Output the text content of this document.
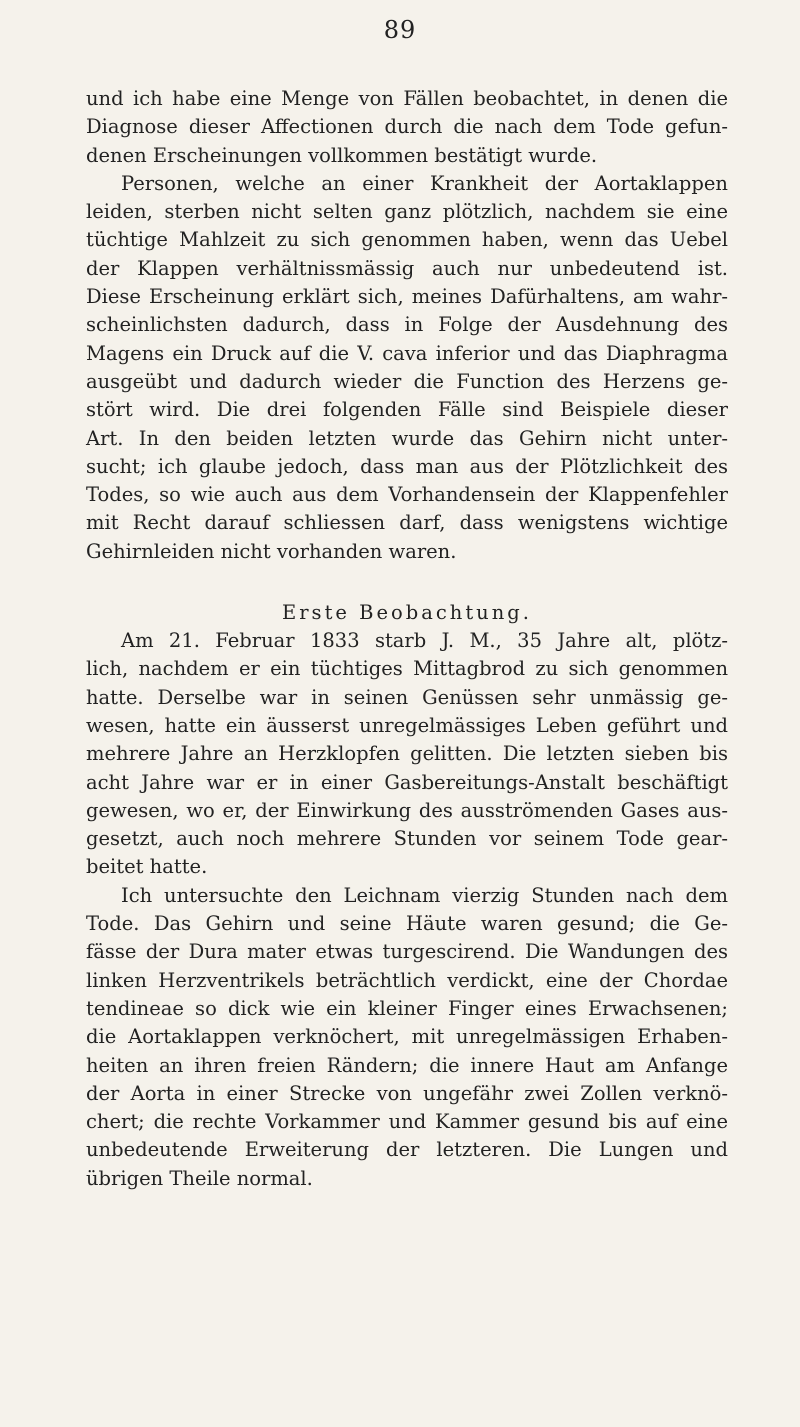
89
und ich habe eine Menge von Fällen beobachtet, in denen die
Diagnose dieser Affectionen durch die nach dem Tode gefun-
denen Erscheinungen vollkommen bestätigt wurde.
Personen, welche an einer Krankheit der Aortaklappen
leiden, sterben nicht selten ganz plötzlich, nachdem sie eine
tüchtige Mahlzeit zu sich genommen haben, wenn das Uebel
der Klappen verhältnissmässig auch nur unbedeutend ist.
Diese Erscheinung erklärt sich, meines Dafürhaltens, am wahr-
scheinlichsten dadurch, dass in Folge der Ausdehnung des
Magens ein Druck auf die V. cava inferior und das Diaphragma
ausgeübt und dadurch wieder die Function des Herzens ge-
stört wird. Die drei folgenden Fälle sind Beispiele dieser
Art. In den beiden letzten wurde das Gehirn nicht unter-
sucht; ich glaube jedoch, dass man aus der Plötzlichkeit des
Todes, so wie auch aus dem Vorhandensein der Klappenfehler
mit Recht darauf schliessen darf, dass wenigstens wichtige
Gehirnleiden nicht vorhanden waren.
Erste Beobachtung.
Am 21. Februar 1833 starb J. M., 35 Jahre alt, plötz-
lich, nachdem er ein tüchtiges Mittagbrod zu sich genommen
hatte. Derselbe war in seinen Genüssen sehr unmässig ge-
wesen, hatte ein äusserst unregelmässiges Leben geführt und
mehrere Jahre an Herzklopfen gelitten. Die letzten sieben bis
acht Jahre war er in einer Gasbereitungs-Anstalt beschäftigt
gewesen, wo er, der Einwirkung des ausströmenden Gases aus-
gesetzt, auch noch mehrere Stunden vor seinem Tode gear-
beitet hatte.
Ich untersuchte den Leichnam vierzig Stunden nach dem
Tode. Das Gehirn und seine Häute waren gesund; die Ge-
fässe der Dura mater etwas turgescirend. Die Wandungen des
linken Herzventrikels beträchtlich verdickt, eine der Chordae
tendineae so dick wie ein kleiner Finger eines Erwachsenen;
die Aortaklappen verknöchert, mit unregelmässigen Erhaben-
heiten an ihren freien Rändern; die innere Haut am Anfange
der Aorta in einer Strecke von ungefähr zwei Zollen verknö-
chert; die rechte Vorkammer und Kammer gesund bis auf eine
unbedeutende Erweiterung der letzteren. Die Lungen und
übrigen Theile normal.
